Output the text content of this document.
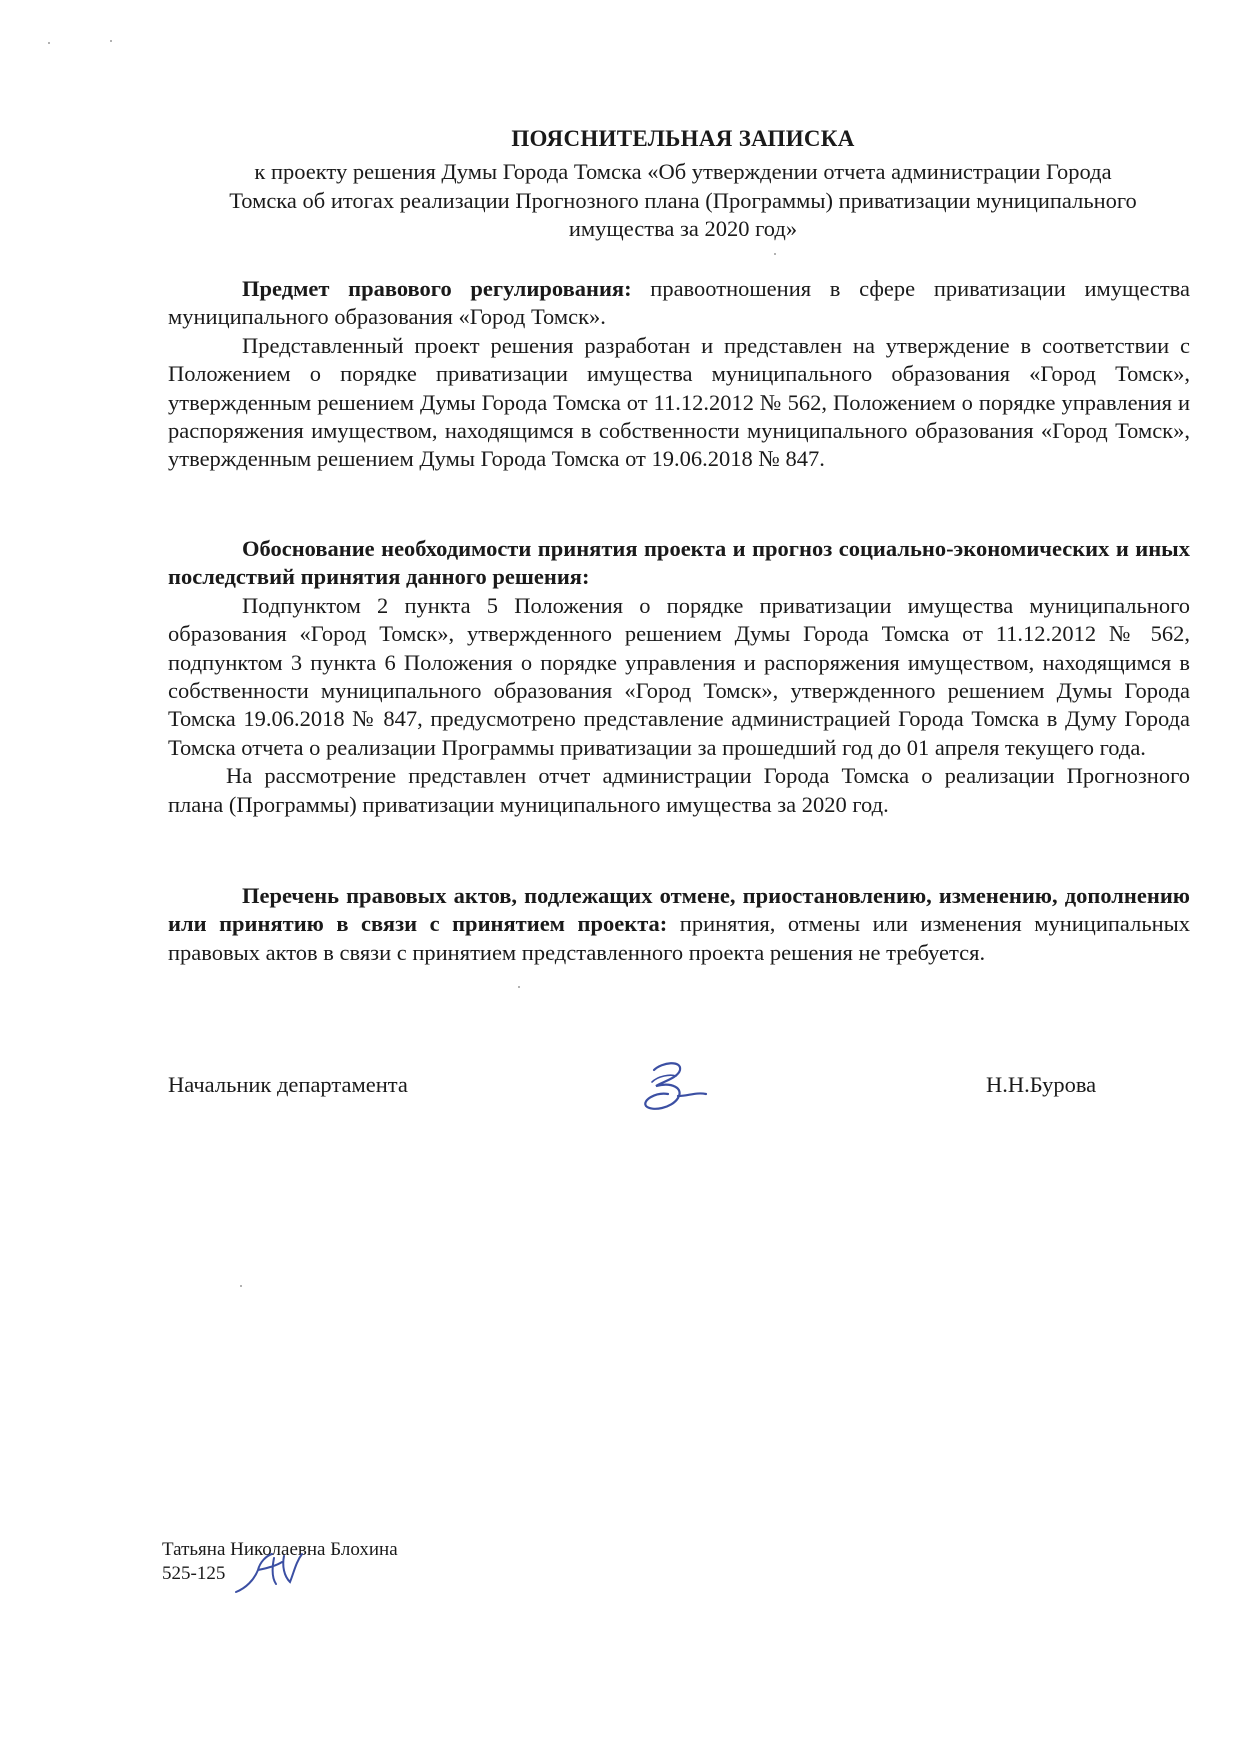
ПОЯСНИТЕЛЬНАЯ ЗАПИСКА
к проекту решения Думы Города Томска «Об утверждении отчета администрации Города
Томска об итогах реализации Прогнозного плана (Программы) приватизации муниципального
имущества за 2020 год»

Предмет правового регулирования: правоотношения в сфере приватизации имущества муниципального образования «Город Томск».

Представленный проект решения разработан и представлен на утверждение в соответствии с Положением о порядке приватизации имущества муниципального образования «Город Томск», утвержденным решением Думы Города Томска от 11.12.2012 № 562, Положением о порядке управления и распоряжения имуществом, находящимся в собственности муниципального образования «Город Томск», утвержденным решением Думы Города Томска от 19.06.2018 № 847.

Обоснование необходимости принятия проекта и прогноз социально-экономических и иных последствий принятия данного решения:

Подпунктом 2 пункта 5 Положения о порядке приватизации имущества муниципального образования «Город Томск», утвержденного решением Думы Города Томска от 11.12.2012 № 562, подпунктом 3 пункта 6 Положения о порядке управления и распоряжения имуществом, находящимся в собственности муниципального образования «Город Томск», утвержденного решением Думы Города Томска 19.06.2018 № 847, предусмотрено представление администрацией Города Томска в Думу Города Томска отчета о реализации Программы приватизации за прошедший год до 01 апреля текущего года.

На рассмотрение представлен отчет администрации Города Томска о реализации Прогнозного плана (Программы) приватизации муниципального имущества за 2020 год.

Перечень правовых актов, подлежащих отмене, приостановлению, изменению, дополнению или принятию в связи с принятием проекта: принятия, отмены или изменения муниципальных правовых актов в связи с принятием представленного проекта решения не требуется.

Начальник департамента	Н.Н.Бурова
Татьяна Николаевна Блохина
525-125
